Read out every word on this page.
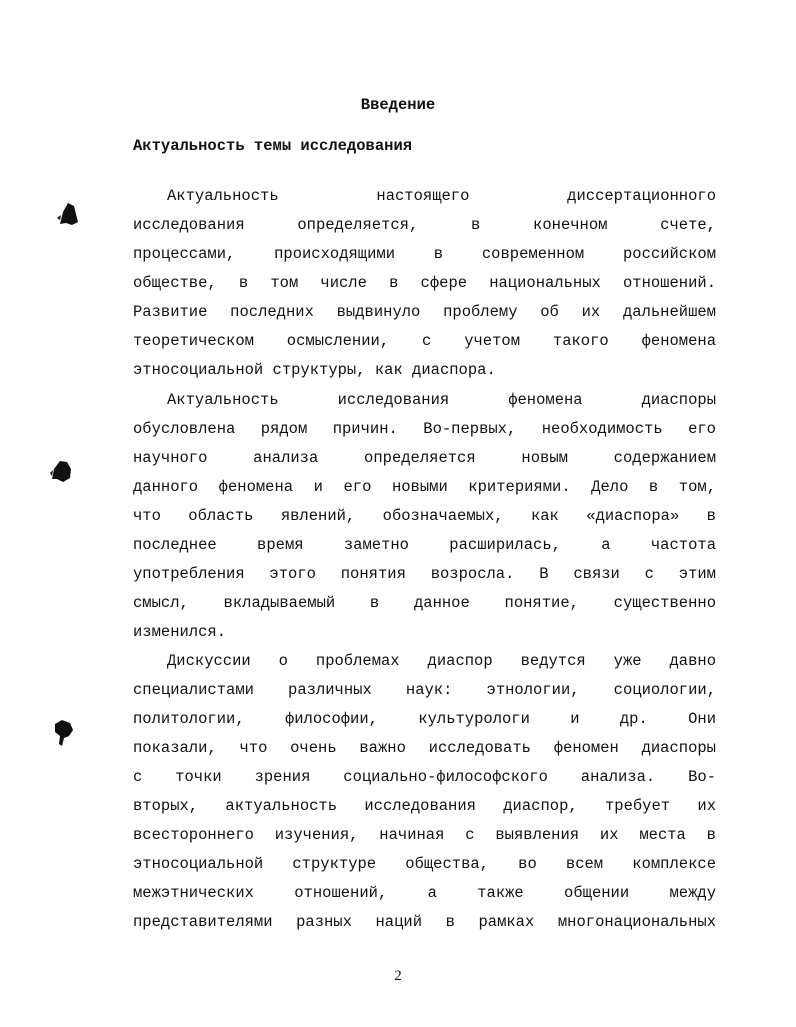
Введение
Актуальность темы исследования
Актуальность настоящего диссертационного
исследования определяется, в конечном счете,
процессами, происходящими в современном российском
обществе, в том числе в сфере национальных отношений.
Развитие последних выдвинуло проблему об их дальнейшем
теоретическом осмыслении, с учетом такого феномена
этносоциальной структуры, как диаспора.
Актуальность исследования феномена диаспоры
обусловлена рядом причин. Во-первых, необходимость его
научного анализа определяется новым содержанием
данного феномена и его новыми критериями. Дело в том,
что область явлений, обозначаемых, как «диаспора» в
последнее время заметно расширилась, а частота
употребления этого понятия возросла. В связи с этим
смысл, вкладываемый в данное понятие, существенно
изменился.
Дискуссии о проблемах диаспор ведутся уже давно
специалистами различных наук: этнологии, социологии,
политологии, философии, культурологи и др. Они
показали, что очень важно исследовать феномен диаспоры
с точки зрения социально-философского анализа. Во-
вторых, актуальность исследования диаспор, требует их
всестороннего изучения, начиная с выявления их места в
этносоциальной структуре общества, во всем комплексе
межэтнических отношений, а также общении между
представителями разных наций в рамках многонациональных
2
